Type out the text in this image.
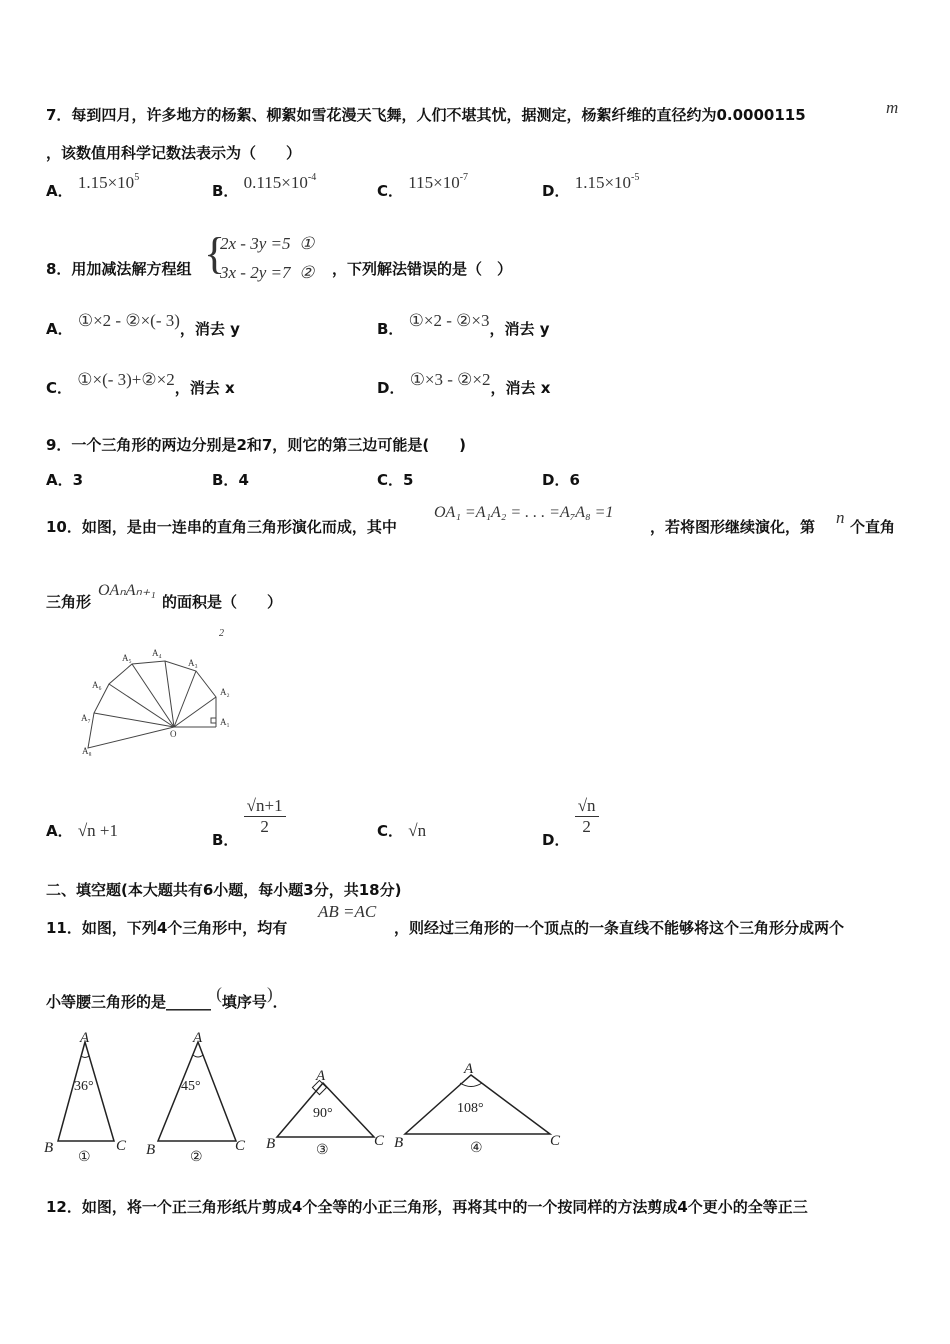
7．每到四月，许多地方的杨絮、柳絮如雪花漫天飞舞，人们不堪其忧，据测定，杨絮纤维的直径约为0.0000115	m
，该数值用科学记数法表示为（　　）
A． $1.15\times 10^5$
B． $0.115\times 10^{-4}$
C． $115\times 10^{-7}$
D． $1.15\times 10^{-5}$
8．用加减法解方程组 {
2x - 3y =5  ①
3x - 2y =7  ② ，下列解法错误的是（　）
A． ①×2 - ②×(- 3)，消去 y	B． ①×2 - ②×3，消去 y
C． ①×(- 3)+②×2，消去 x	D． ①×3 - ②×2，消去 x
9．一个三角形的两边分别是2和7，则它的第三边可能是(　　)
A．3	B．4	C．5	D．6
10．如图，是由一连串的直角三角形演化而成，其中
OA₁ =A₁A₂ = . . . =A₇A₈ =1
，若将图形继续演化，第 n 个直角
三角形
OAₙAₙ₊₁
的面积是（　　）
A₁
A₂
A₃
A₄
A₅
A₆
A₇
A₈
O
2
A． √n +1	B．
$\frac{√n+1}{2}$	C． √n	D．
$\frac{√n}{2}$
二、填空题(本大题共有6小题，每小题3分，共18分)
11．如图，下列4个三角形中，均有
AB =AC
，则经过三角形的一个顶点的一条直线不能够将这个三角形分成两个
小等腰三角形的是______ (填序号)．
A
B	C
A
B	C
A
B	C
A
B	C
36°	45°
90°	108°
①	②	③	④
12．如图，将一个正三角形纸片剪成4个全等的小正三角形，再将其中的一个按同样的方法剪成4个更小的全等正三
